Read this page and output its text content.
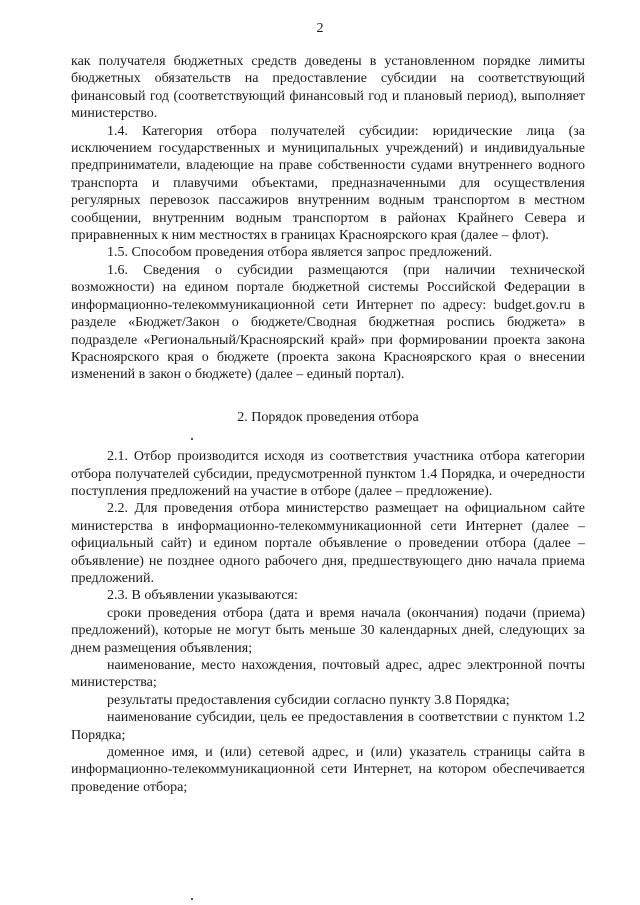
2

как получателя бюджетных средств доведены в установленном порядке лимиты бюджетных обязательств на предоставление субсидии на соответствующий финансовый год (соответствующий финансовый год и плановый период), выполняет министерство.

1.4. Категория отбора получателей субсидии: юридические лица (за исключением государственных и муниципальных учреждений) и индивидуальные предприниматели, владеющие на праве собственности судами внутреннего водного транспорта и плавучими объектами, предназначенными для осуществления регулярных перевозок пассажиров внутренним водным транспортом в местном сообщении, внутренним водным транспортом в районах Крайнего Севера и приравненных к ним местностях в границах Красноярского края (далее – флот).

1.5. Способом проведения отбора является запрос предложений.

1.6. Сведения о субсидии размещаются (при наличии технической возможности) на едином портале бюджетной системы Российской Федерации в информационно-телекоммуникационной сети Интернет по адресу: budget.gov.ru в разделе «Бюджет/Закон о бюджете/Сводная бюджетная роспись бюджета» в подразделе «Региональный/Красноярский край» при формировании проекта закона Красноярского края о бюджете (проекта закона Красноярского края о внесении изменений в закон о бюджете) (далее – единый портал).

2. Порядок проведения отбора

2.1. Отбор производится исходя из соответствия участника отбора категории отбора получателей субсидии, предусмотренной пунктом 1.4 Порядка, и очередности поступления предложений на участие в отборе (далее – предложение).

2.2. Для проведения отбора министерство размещает на официальном сайте министерства в информационно-телекоммуникационной сети Интернет (далее – официальный сайт) и едином портале объявление о проведении отбора (далее – объявление) не позднее одного рабочего дня, предшествующего дню начала приема предложений.

2.3. В объявлении указываются:

сроки проведения отбора (дата и время начала (окончания) подачи (приема) предложений), которые не могут быть меньше 30 календарных дней, следующих за днем размещения объявления;

наименование, место нахождения, почтовый адрес, адрес электронной почты министерства;

результаты предоставления субсидии согласно пункту 3.8 Порядка;

наименование субсидии, цель ее предоставления в соответствии с пунктом 1.2 Порядка;

доменное имя, и (или) сетевой адрес, и (или) указатель страницы сайта в информационно-телекоммуникационной сети Интернет, на котором обеспечивается проведение отбора;
